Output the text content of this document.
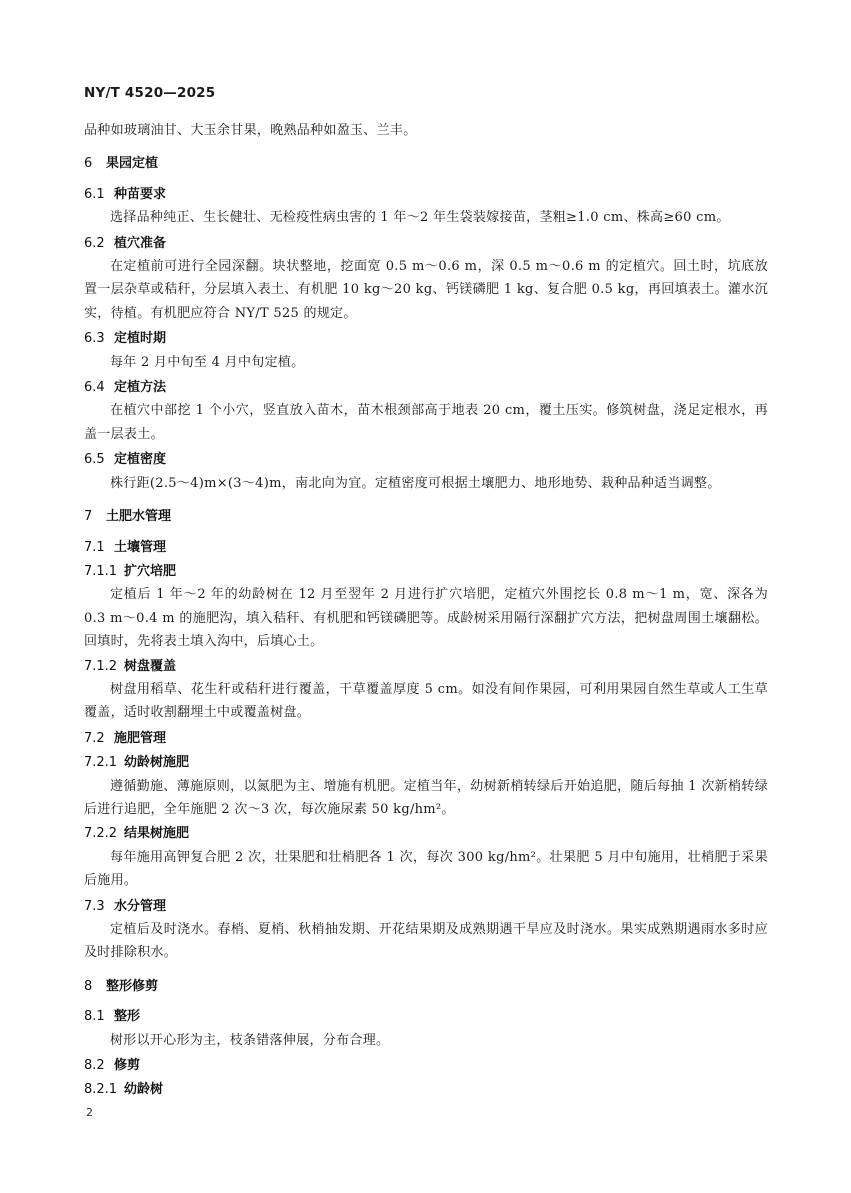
NY/T 4520—2025

品种如玻璃油甘、大玉余甘果，晚熟品种如盈玉、兰丰。

6 果园定植
6.1 种苗要求

选择品种纯正、生长健壮、无检疫性病虫害的 1 年～2 年生袋装嫁接苗，茎粗≥1.0 cm、株高≥60 cm。

6.2 植穴准备

在定植前可进行全园深翻。块状整地，挖面宽 0.5 m～0.6 m，深 0.5 m～0.6 m 的定植穴。回土时，坑底放置一层杂草或秸秆，分层填入表土、有机肥 10 kg～20 kg、钙镁磷肥 1 kg、复合肥 0.5 kg，再回填表土。灌水沉实，待植。有机肥应符合 NY/T 525 的规定。

6.3 定植时期

每年 2 月中旬至 4 月中旬定植。

6.4 定植方法

在植穴中部挖 1 个小穴，竖直放入苗木，苗木根颈部高于地表 20 cm，覆土压实。修筑树盘，浇足定根水，再盖一层表土。

6.5 定植密度

株行距(2.5～4)m×(3～4)m，南北向为宜。定植密度可根据土壤肥力、地形地势、栽种品种适当调整。

7 土肥水管理
7.1 土壤管理
7.1.1 扩穴培肥

定植后 1 年～2 年的幼龄树在 12 月至翌年 2 月进行扩穴培肥，定植穴外围挖长 0.8 m～1 m，宽、深各为 0.3 m～0.4 m 的施肥沟，填入秸秆、有机肥和钙镁磷肥等。成龄树采用隔行深翻扩穴方法，把树盘周围土壤翻松。回填时，先将表土填入沟中，后填心土。

7.1.2 树盘覆盖

树盘用稻草、花生秆或秸秆进行覆盖，干草覆盖厚度 5 cm。如没有间作果园，可利用果园自然生草或人工生草覆盖，适时收割翻埋土中或覆盖树盘。

7.2 施肥管理
7.2.1 幼龄树施肥

遵循勤施、薄施原则，以氮肥为主、增施有机肥。定植当年，幼树新梢转绿后开始追肥，随后每抽 1 次新梢转绿后进行追肥，全年施肥 2 次～3 次，每次施尿素 50 kg/hm²。

7.2.2 结果树施肥

每年施用高钾复合肥 2 次，壮果肥和壮梢肥各 1 次，每次 300 kg/hm²。壮果肥 5 月中旬施用，壮梢肥于采果后施用。

7.3 水分管理

定植后及时浇水。春梢、夏梢、秋梢抽发期、开花结果期及成熟期遇干旱应及时浇水。果实成熟期遇雨水多时应及时排除积水。

8 整形修剪
8.1 整形

树形以开心形为主，枝条错落伸展，分布合理。

8.2 修剪
8.2.1 幼龄树
2
